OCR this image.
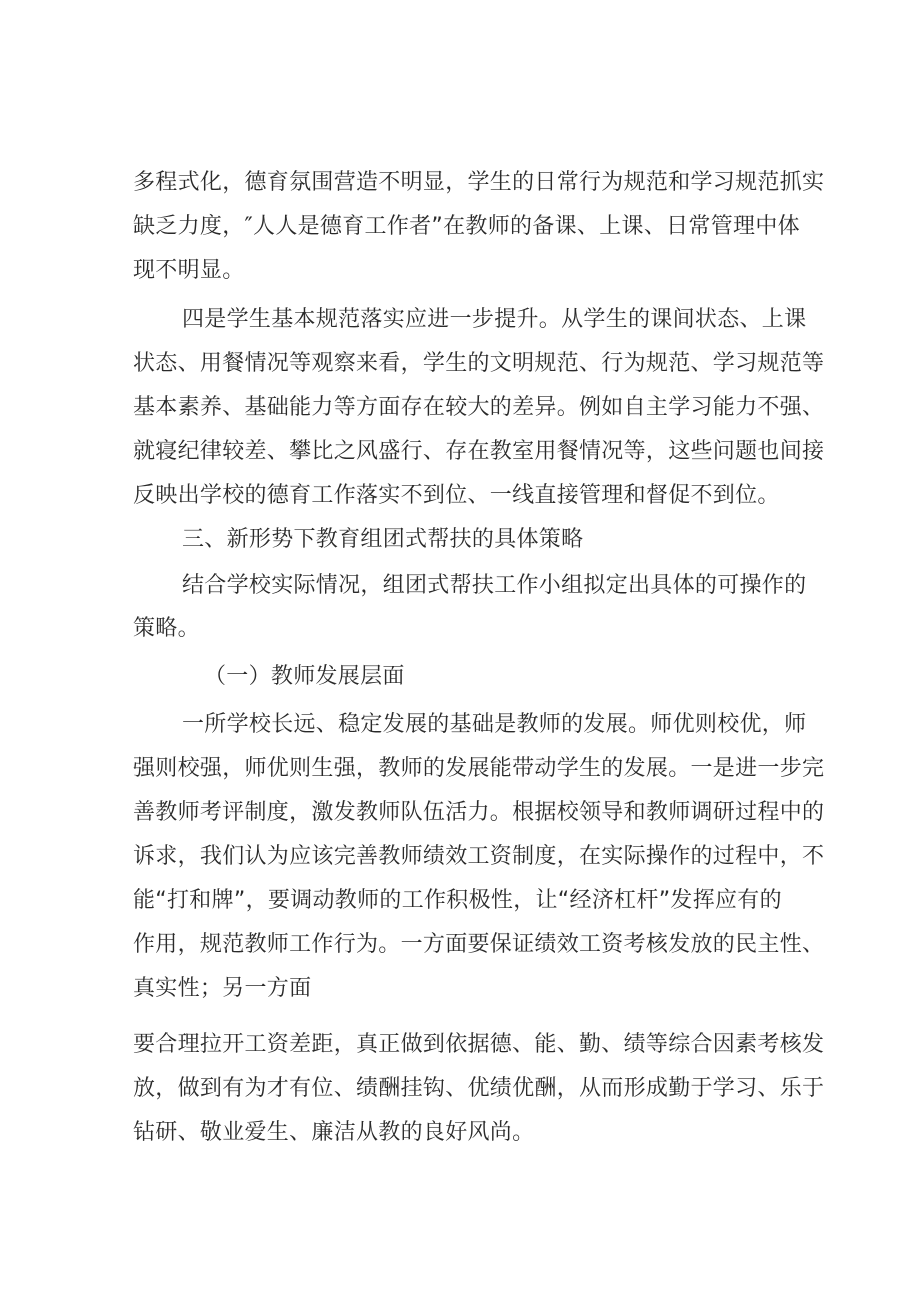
多程式化，德育氛围营造不明显，学生的日常行为规范和学习规范抓实
缺乏力度，″人人是德育工作者”在教师的备课、上课、日常管理中体
现不明显。
四是学生基本规范落实应进一步提升。从学生的课间状态、上课
状态、用餐情况等观察来看，学生的文明规范、行为规范、学习规范等
基本素养、基础能力等方面存在较大的差异。例如自主学习能力不强、
就寝纪律较差、攀比之风盛行、存在教室用餐情况等，这些问题也间接
反映出学校的德育工作落实不到位、一线直接管理和督促不到位。
三、新形势下教育组团式帮扶的具体策略
结合学校实际情况，组团式帮扶工作小组拟定出具体的可操作的
策略。
（一）教师发展层面
一所学校长远、稳定发展的基础是教师的发展。师优则校优，师
强则校强，师优则生强，教师的发展能带动学生的发展。一是进一步完
善教师考评制度，激发教师队伍活力。根据校领导和教师调研过程中的
诉求，我们认为应该完善教师绩效工资制度，在实际操作的过程中，不
能“打和牌”，要调动教师的工作积极性，让“经济杠杆”发挥应有的
作用，规范教师工作行为。一方面要保证绩效工资考核发放的民主性、
真实性；另一方面
要合理拉开工资差距，真正做到依据德、能、勤、绩等综合因素考核发
放，做到有为才有位、绩酬挂钩、优绩优酬，从而形成勤于学习、乐于
钻研、敬业爱生、廉洁从教的良好风尚。
